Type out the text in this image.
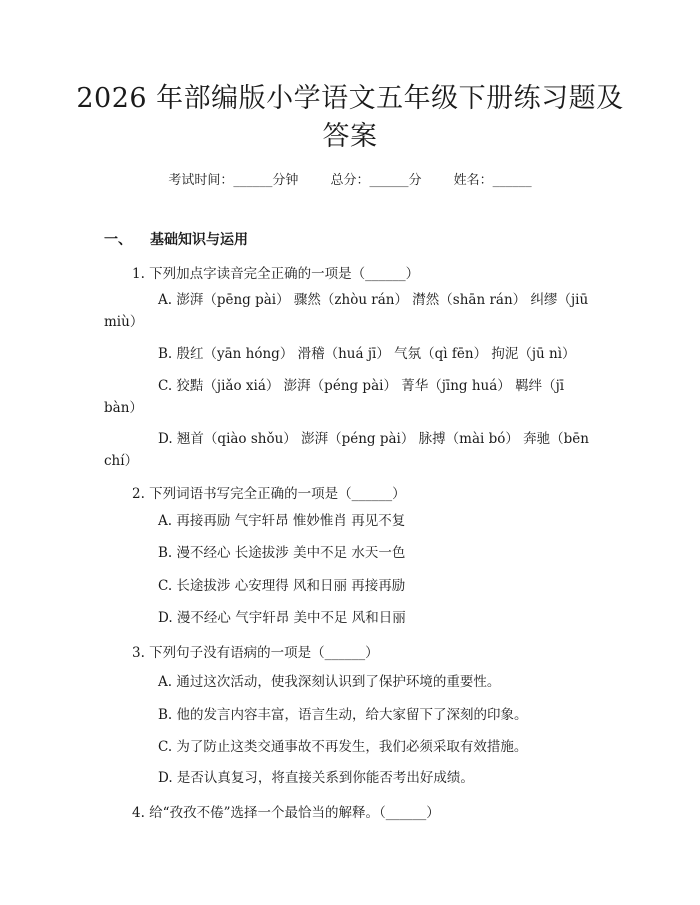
2026 年部编版小学语文五年级下册练习题及
答案
考试时间：______分钟 总分：______分 姓名：______
一、 基础知识与运用
1. 下列加点字读音完全正确的一项是（______）
A. 澎湃（pēng pài） 骤然（zhòu rán） 潸然（shān rán） 纠缪（jiū miù）
B. 殷红（yān hóng） 滑稽（huá jī） 气氛（qì fēn） 拘泥（jū nì）
C. 狡黠（jiǎo xiá） 澎湃（péng pài） 菁华（jīng huá） 羁绊（jī bàn）
D. 翘首（qiào shǒu） 澎湃（péng pài） 脉搏（mài bó） 奔驰（bēn chí）
2. 下列词语书写完全正确的一项是（______）
A. 再接再励 气宇轩昂 惟妙惟肖 再见不复
B. 漫不经心 长途拔涉 美中不足 水天一色
C. 长途拔涉 心安理得 风和日丽 再接再励
D. 漫不经心 气宇轩昂 美中不足 风和日丽
3. 下列句子没有语病的一项是（______）
A. 通过这次活动，使我深刻认识到了保护环境的重要性。
B. 他的发言内容丰富，语言生动，给大家留下了深刻的印象。
C. 为了防止这类交通事故不再发生，我们必须采取有效措施。
D. 是否认真复习，将直接关系到你能否考出好成绩。
4. 给“孜孜不倦”选择一个最恰当的解释。（______）
